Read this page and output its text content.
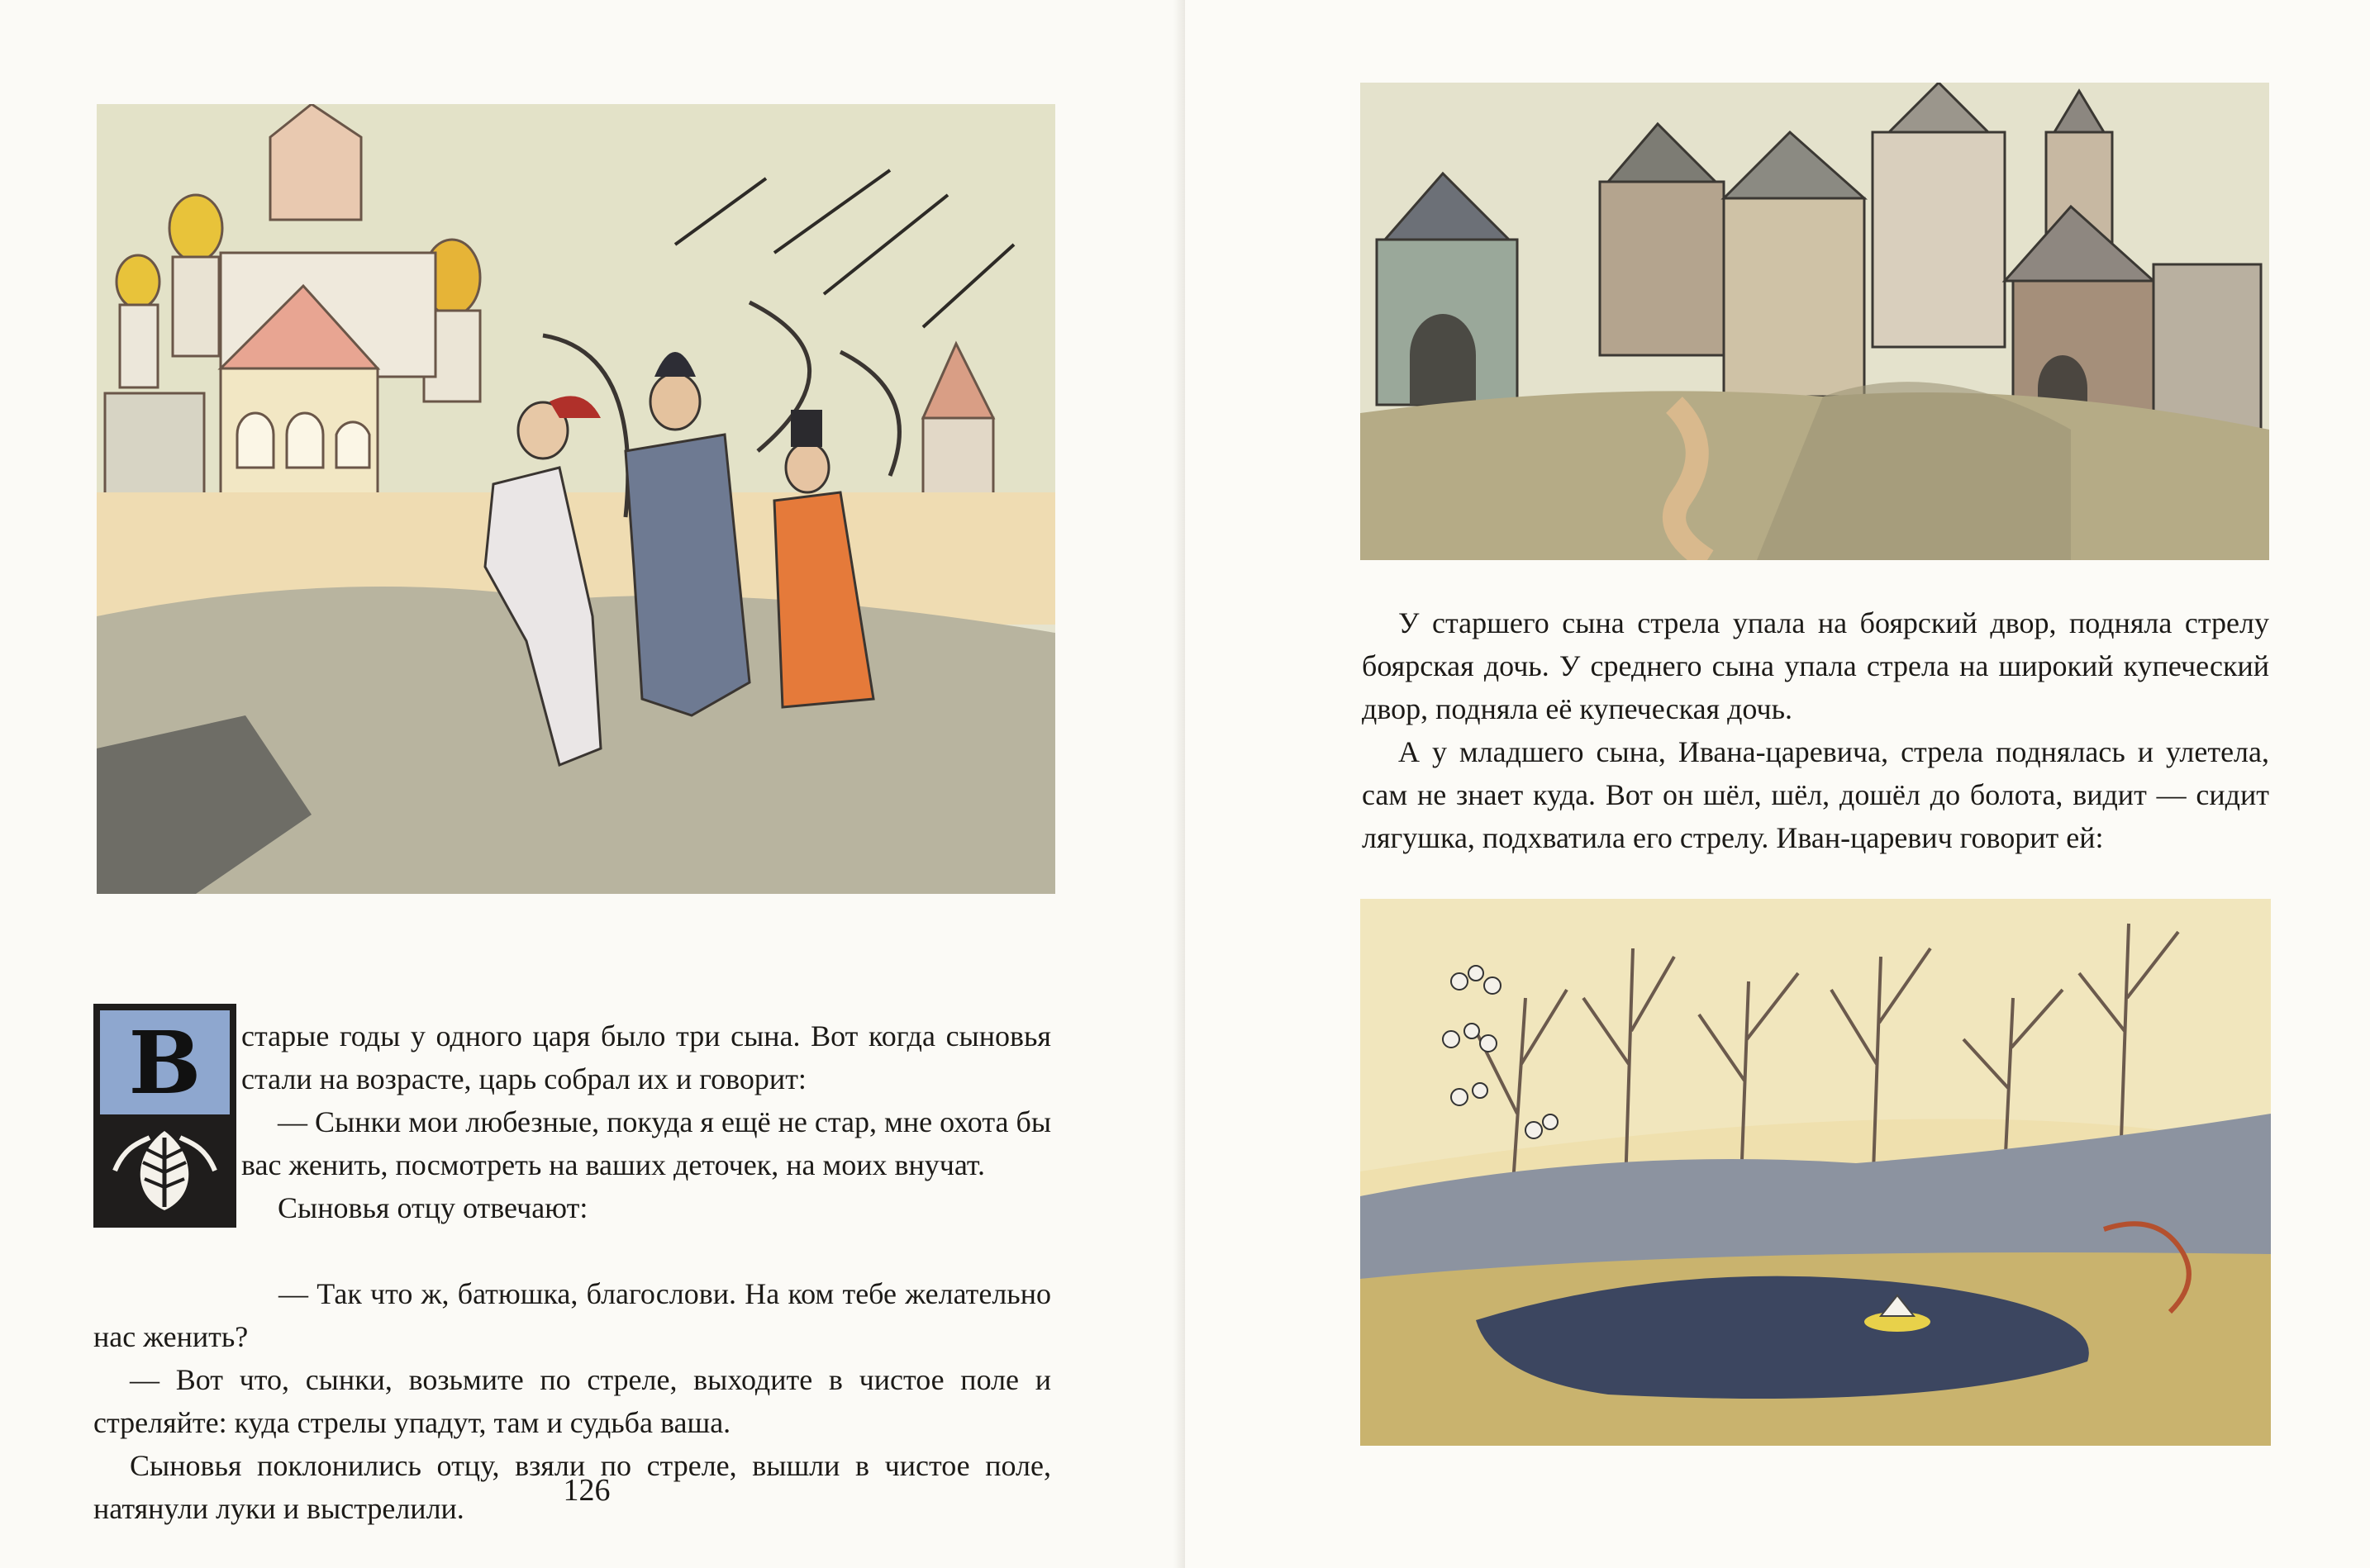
В	старые годы у одного царя было три сына. Вот когда сыновья стали на возрасте, царь собрал их и говорит:

— Сынки мои любезные, покуда я ещё не стар, мне охота бы вас женить, посмотреть на ваших деточек, на моих внучат.

Сыновья отцу отвечают:

— Так что ж, батюшка, благослови. На ком тебе желательно нас женить?

— Вот что, сынки, возьмите по стреле, выходите в чистое поле и стреляйте: куда стрелы упадут, там и судьба ваша.

Сыновья поклонились отцу, взяли по стреле, вышли в чистое поле, натянули луки и выстрелили.

126

У старшего сына стрела упала на боярский двор, подняла стрелу боярская дочь. У среднего сына упала стрела на широкий купеческий двор, подняла её купеческая дочь.

А у младшего сына, Ивана-царевича, стрела поднялась и улетела, сам не знает куда. Вот он шёл, шёл, дошёл до болота, видит — сидит лягушка, подхватила его стрелу. Иван-царевич говорит ей:
